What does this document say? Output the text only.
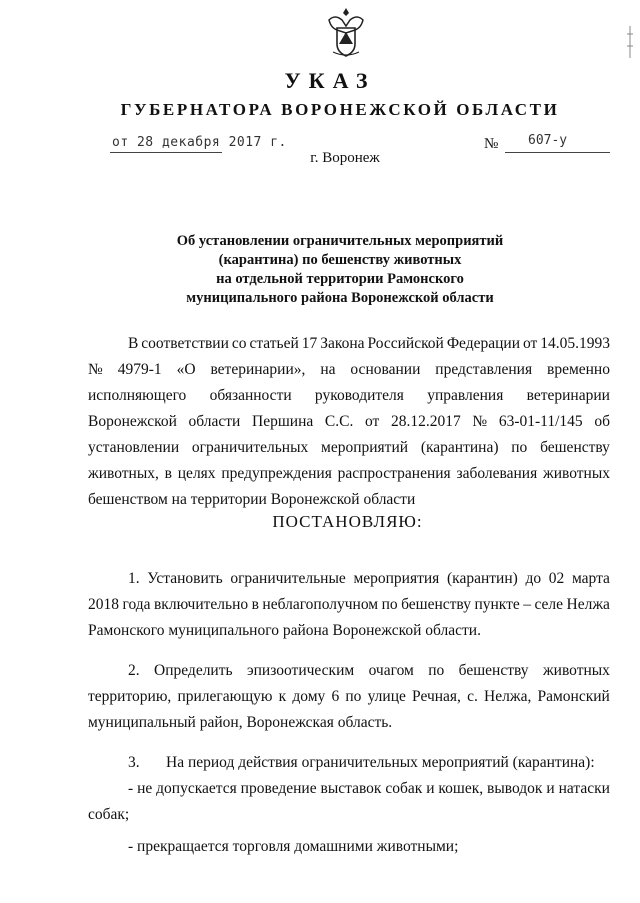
УКАЗ
ГУБЕРНАТОРА ВОРОНЕЖСКОЙ ОБЛАСТИ
от 28 декабря 2017 г.	№ 607-у
г. Воронеж
Об установлении ограничительных мероприятий
(карантина) по бешенству животных
на отдельной территории Рамонского
муниципального района Воронежской области
В соответствии со статьей 17 Закона Российской Федерации от 14.05.1993
№ 4979-1 «О ветеринарии», на основании представления временно
исполняющего обязанности руководителя управления ветеринарии
Воронежской области Першина С.С. от 28.12.2017 № 63-01-11/145 об
установлении ограничительных мероприятий (карантина) по бешенству
животных, в целях предупреждения распространения заболевания животных
бешенством на территории Воронежской области
ПОСТАНОВЛЯЮ:
1. Установить ограничительные мероприятия (карантин) до 02 марта
2018 года включительно в неблагополучном по бешенству пункте – селе Нелжа
Рамонского муниципального района Воронежской области.
2. Определить эпизоотическим очагом по бешенству животных
территорию, прилегающую к дому 6 по улице Речная, с. Нелжа, Рамонский
муниципальный район, Воронежская область.
3. На период действия ограничительных мероприятий (карантина):
- не допускается проведение выставок собак и кошек, выводок и натаски
собак;
- прекращается торговля домашними животными;
